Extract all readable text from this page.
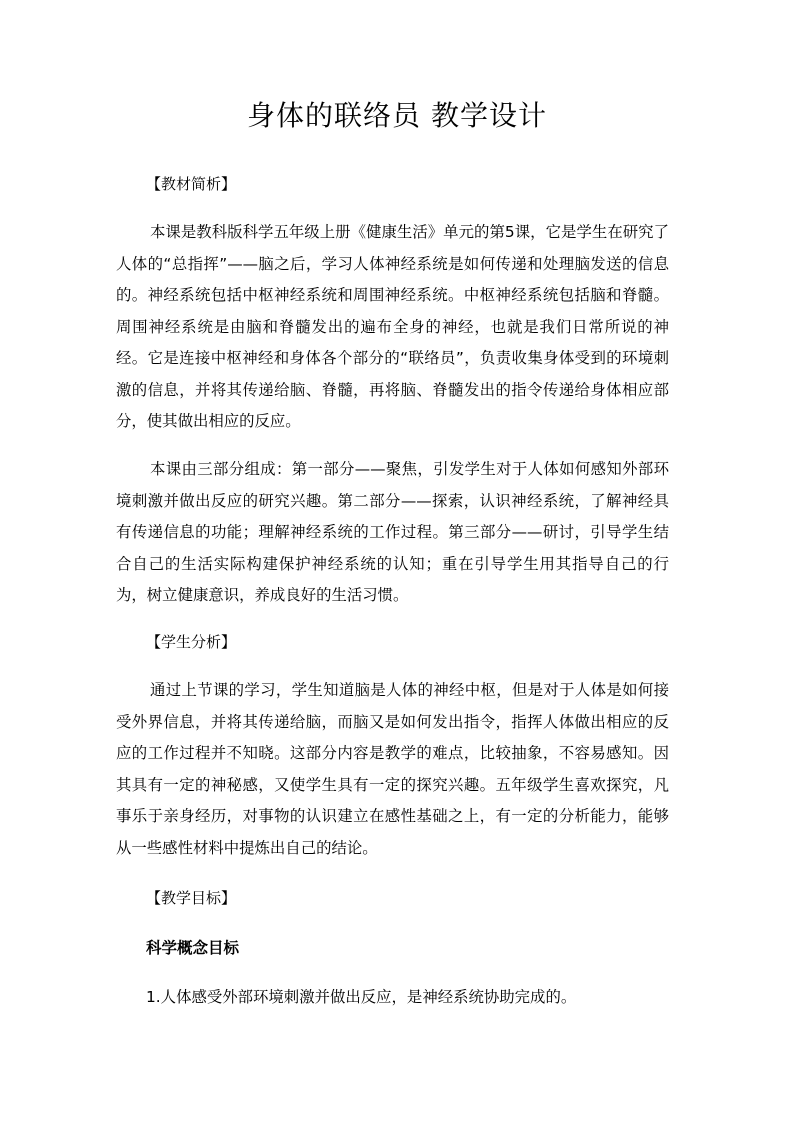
身体的联络员 教学设计
【教材简析】

本课是教科版科学五年级上册《健康生活》单元的第5课，它是学生在研究了人体的“总指挥”——脑之后，学习人体神经系统是如何传递和处理脑发送的信息的。神经系统包括中枢神经系统和周围神经系统。中枢神经系统包括脑和脊髓。周围神经系统是由脑和脊髓发出的遍布全身的神经，也就是我们日常所说的神经。它是连接中枢神经和身体各个部分的“联络员”，负责收集身体受到的环境刺激的信息，并将其传递给脑、脊髓，再将脑、脊髓发出的指令传递给身体相应部分，使其做出相应的反应。

本课由三部分组成：第一部分——聚焦，引发学生对于人体如何感知外部环境刺激并做出反应的研究兴趣。第二部分——探索，认识神经系统，了解神经具有传递信息的功能；理解神经系统的工作过程。第三部分——研讨，引导学生结合自己的生活实际构建保护神经系统的认知；重在引导学生用其指导自己的行为，树立健康意识，养成良好的生活习惯。

【学生分析】

通过上节课的学习，学生知道脑是人体的神经中枢，但是对于人体是如何接受外界信息，并将其传递给脑，而脑又是如何发出指令，指挥人体做出相应的反应的工作过程并不知晓。这部分内容是教学的难点，比较抽象，不容易感知。因其具有一定的神秘感，又使学生具有一定的探究兴趣。五年级学生喜欢探究，凡事乐于亲身经历，对事物的认识建立在感性基础之上，有一定的分析能力，能够从一些感性材料中提炼出自己的结论。

【教学目标】
科学概念目标

1.人体感受外部环境刺激并做出反应，是神经系统协助完成的。
